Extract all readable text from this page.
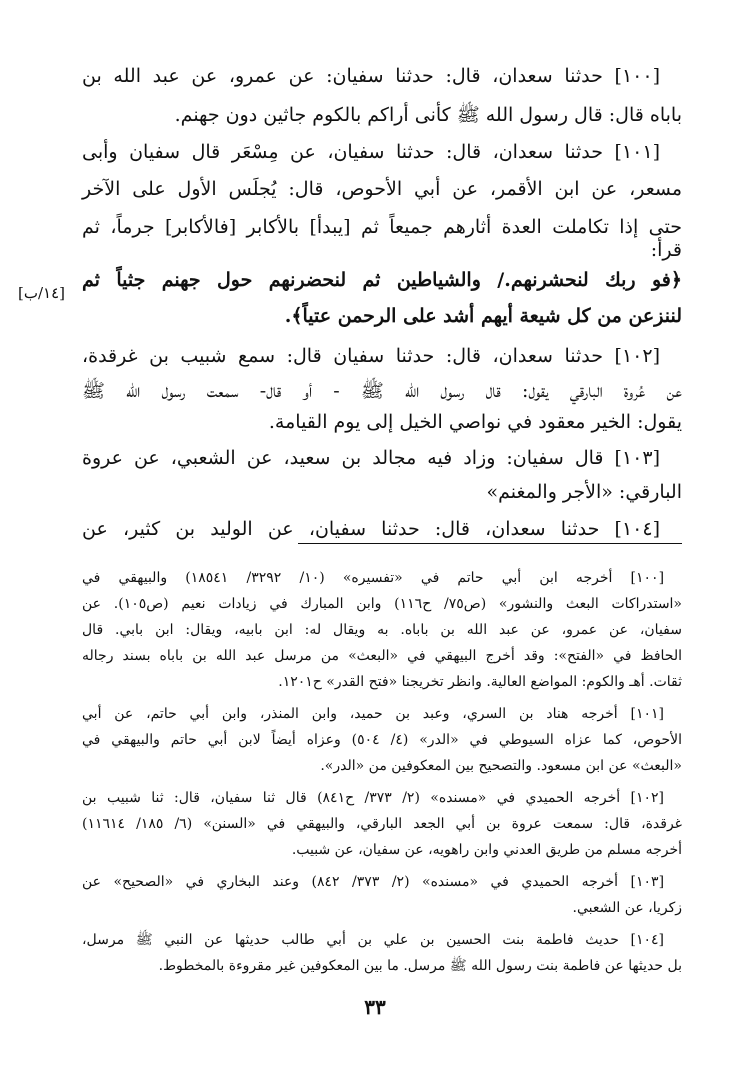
[١٠٠] حدثنا سعدان، قال: حدثنا سفيان: عن عمرو، عن عبد الله بن
باباه قال: قال رسول الله ﷺ كأنى أراكم بالكوم جاثين دون جهنم.
[١٠١] حدثنا سعدان، قال: حدثنا سفيان، عن مِسْعَر قال سفيان وأبى
مسعر، عن ابن الأقمر، عن أبي الأحوص، قال: يُجلَس الأول على الآخر
حتى إذا تكاملت العدة أثارهم جميعاً ثم [يبدأ] بالأكابر [فالأكابر] جرماً، ثم
قرأ:
﴿فو ربك لنحشرنهم./ والشياطين ثم لنحضرنهم حول جهنم جثياً ثم
لننزعن من كل شيعة أيهم أشد على الرحمن عتياً﴾.
[١٠٢] حدثنا سعدان، قال: حدثنا سفيان قال: سمع شبيب بن غرقدة،
عن عُروة البارقي يقول: قال رسول الله ﷺ - أو قال- سمعت رسول الله ﷺ
يقول: الخير معقود في نواصي الخيل إلى يوم القيامة.
[١٠٣] قال سفيان: وزاد فيه مجالد بن سعيد، عن الشعبي، عن عروة
البارقي: «الأجر والمغنم»
[١٠٤] حدثنا سعدان، قال: حدثنا سفيان، عن الوليد بن كثير، عن
[١٤/ب]
[١٠٠] أخرجه ابن أبي حاتم في «تفسيره» (١٠/ ٣٢٩٢/ ١٨٥٤١) والبيهقي في
«استدراكات البعث والنشور» (ص٧٥/ ح١١٦) وابن المبارك في زيادات نعيم (ص١٠٥). عن
سفيان، عن عمرو، عن عبد الله بن باباه. به ويقال له: ابن بابيه، ويقال: ابن بابي. قال
الحافظ في «الفتح»: وقد أخرج البيهقي في «البعث» من مرسل عبد الله بن باباه بسند رجاله
ثقات. أهـ والكوم: المواضع العالية. وانظر تخريجنا «فتح القدر» ح١٢٠١.
[١٠١] أخرجه هناد بن السري، وعبد بن حميد، وابن المنذر، وابن أبي حاتم، عن أبي
الأحوص، كما عزاه السيوطي في «الدر» (٤/ ٥٠٤) وعزاه أيضاً لابن أبي حاتم والبيهقي في
«البعث» عن ابن مسعود. والتصحيح بين المعكوفين من «الدر».
[١٠٢] أخرجه الحميدي في «مسنده» (٢/ ٣٧٣/ ح٨٤١) قال ثنا سفيان، قال: ثنا شبيب بن
غرقدة، قال: سمعت عروة بن أبي الجعد البارقي، والبيهقي في «السنن» (٦/ ١٨٥/ ١١٦١٤)
أخرجه مسلم من طريق العدني وابن راهويه، عن سفيان، عن شبيب.
[١٠٣] أخرجه الحميدي في «مسنده» (٢/ ٣٧٣/ ٨٤٢) وعند البخاري في «الصحيح» عن
زكريا، عن الشعبي.
[١٠٤] حديث فاطمة بنت الحسين بن علي بن أبي طالب حديثها عن النبي ﷺ مرسل،
بل حديثها عن فاطمة بنت رسول الله ﷺ مرسل. ما بين المعكوفين غير مقروءة بالمخطوط.
٣٣
